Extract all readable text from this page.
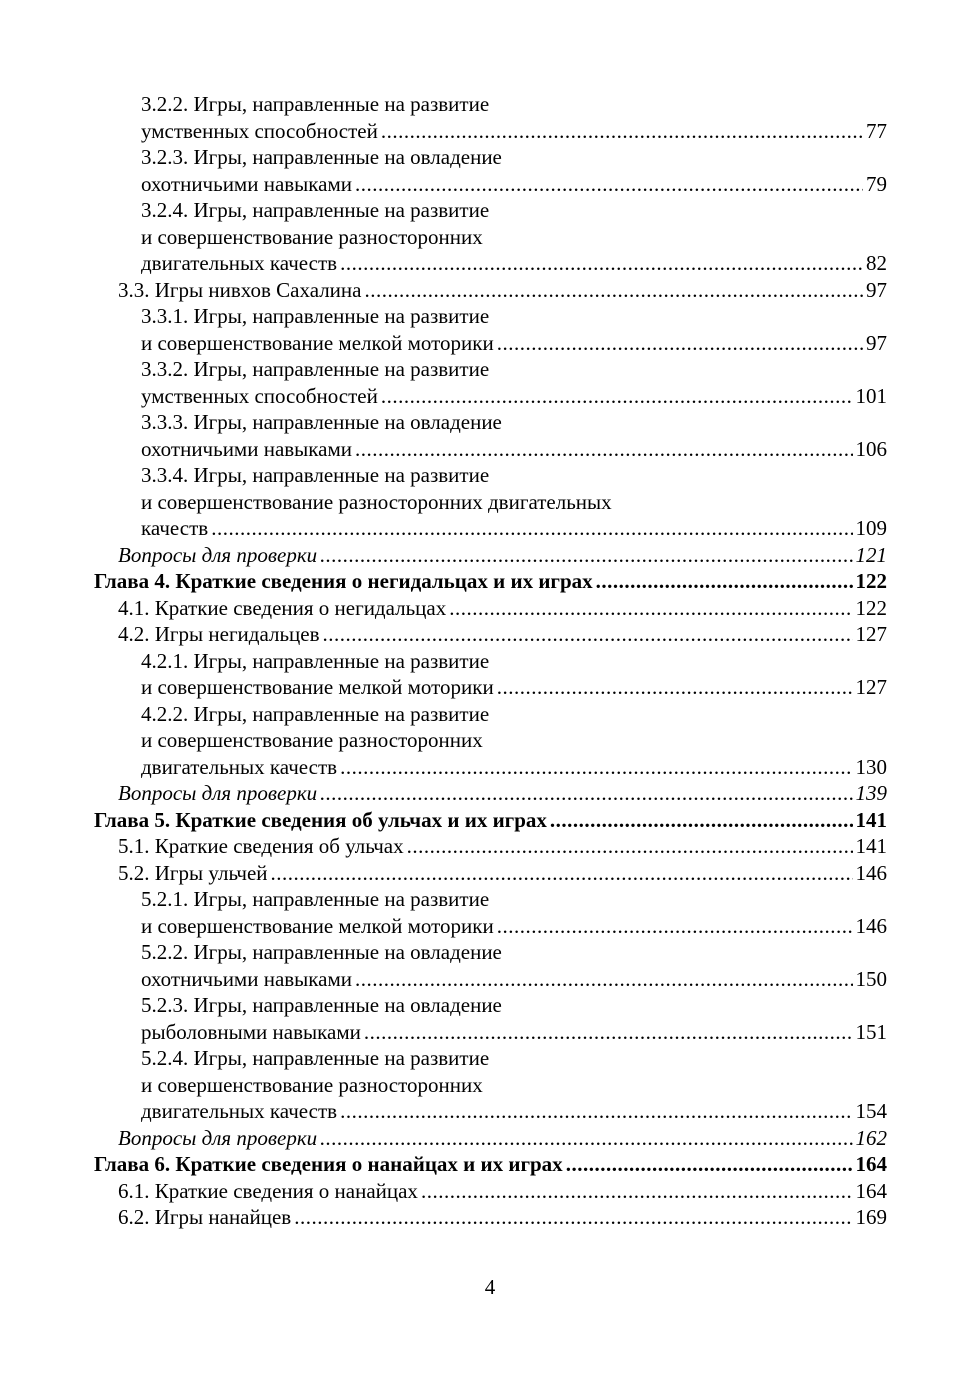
3.2.2. Игры, направленные на развитие
умственных способностей .....	77
3.2.3. Игры, направленные на овладение
охотничьими навыками .....	79
3.2.4. Игры, направленные на развитие
и совершенствование разносторонних
двигательных качеств .....	82
3.3. Игры нивхов Сахалина .....	97
3.3.1. Игры, направленные на развитие
и совершенствование мелкой моторики .....	97
3.3.2. Игры, направленные на развитие
умственных способностей .....	101
3.3.3. Игры, направленные на овладение
охотничьими навыками .....	106
3.3.4. Игры, направленные на развитие
и совершенствование разносторонних двигательных
качеств .....	109
Вопросы для проверки .....	121
Глава 4. Краткие сведения о негидальцах и их играх .....	122
4.1. Краткие сведения о негидальцах .....	122
4.2. Игры негидальцев .....	127
4.2.1. Игры, направленные на развитие
и совершенствование мелкой моторики .....	127
4.2.2. Игры, направленные на развитие
и совершенствование разносторонних
двигательных качеств .....	130
Вопросы для проверки .....	139
Глава 5. Краткие сведения об ульчах и их играх .....	141
5.1. Краткие сведения об ульчах .....	141
5.2. Игры ульчей .....	146
5.2.1. Игры, направленные на развитие
и совершенствование мелкой моторики .....	146
5.2.2. Игры, направленные на овладение
охотничьими навыками .....	150
5.2.3. Игры, направленные на овладение
рыболовными навыками .....	151
5.2.4. Игры, направленные на развитие
и совершенствование разносторонних
двигательных качеств .....	154
Вопросы для проверки .....	162
Глава 6. Краткие сведения о нанайцах и их играх .....	164
6.1. Краткие сведения о нанайцах .....	164
6.2. Игры нанайцев .....	169
4
